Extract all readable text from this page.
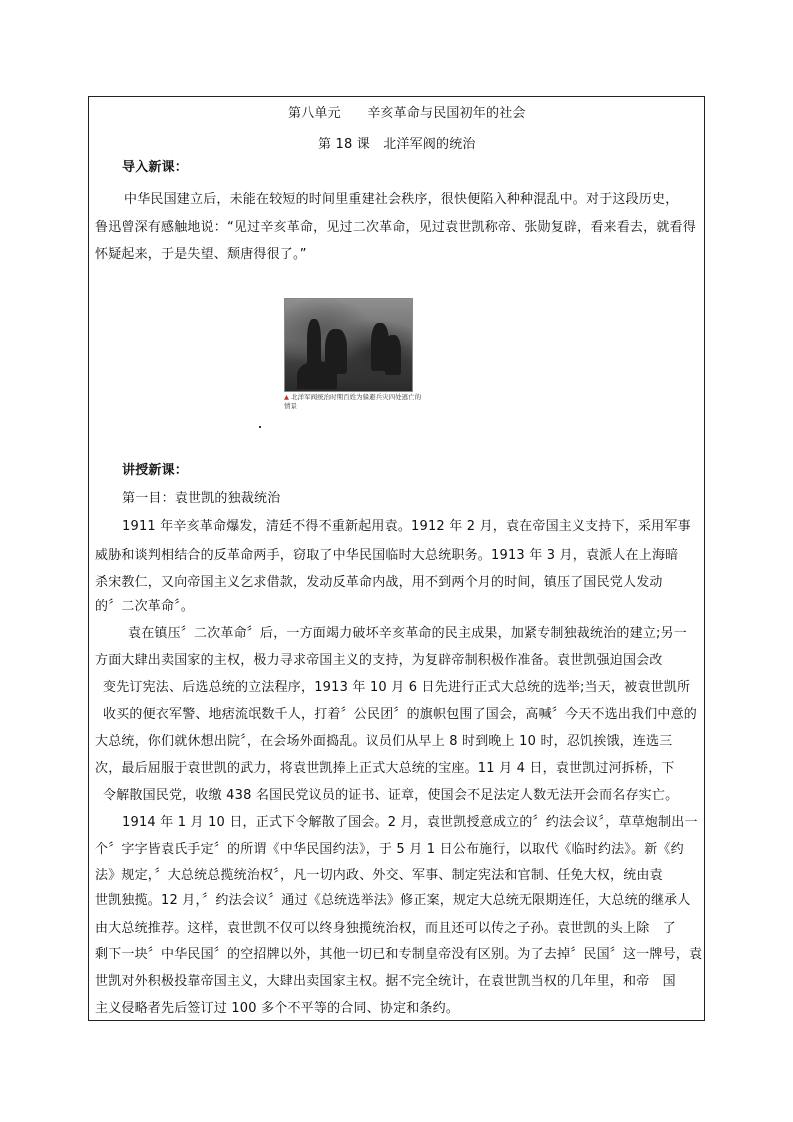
第八单元　　辛亥革命与民国初年的社会
第 18 课　北洋军阀的统治
导入新课：
中华民国建立后，未能在较短的时间里重建社会秩序，很快便陷入种种混乱中。对于这段历史，
鲁迅曾深有感触地说：“见过辛亥革命，见过二次革命，见过袁世凯称帝、张勋复辟，看来看去，就看得
怀疑起来，于是失望、颓唐得很了。”
▲ 北洋军阀统治时期百姓为躲避兵灾四处逃亡的情景
讲授新课：
第一目：袁世凯的独裁统治
1911 年辛亥革命爆发，清廷不得不重新起用袁。1912 年 2 月，袁在帝国主义支持下，采用军事
威胁和谈判相结合的反革命两手，窃取了中华民国临时大总统职务。1913 年 3 月，袁派人在上海暗
杀宋教仁，又向帝国主义乞求借款，发动反革命内战，用不到两个月的时间，镇压了国民党人发动
的〞二次革命〞。
袁在镇压〞二次革命〞后，一方面竭力破坏辛亥革命的民主成果，加紧专制独裁统治的建立;另一
方面大肆出卖国家的主权，极力寻求帝国主义的支持，为复辟帝制积极作准备。袁世凯强迫国会改
变先订宪法、后选总统的立法程序，1913 年 10 月 6 日先进行正式大总统的选举;当天，被袁世凯所
收买的便衣军警、地痞流氓数千人，打着〞公民团〞的旗帜包围了国会，高喊〞今天不选出我们中意的
大总统，你们就休想出院〞，在会场外面捣乱。议员们从早上 8 时到晚上 10 时，忍饥挨饿，连选三
次，最后屈服于袁世凯的武力，将袁世凯捧上正式大总统的宝座。11 月 4 日，袁世凯过河拆桥，下
令解散国民党，收缴 438 名国民党议员的证书、证章，使国会不足法定人数无法开会而名存实亡。
1914 年 1 月 10 日，正式下令解散了国会。2 月，袁世凯授意成立的〞约法会议〞，草草炮制出一
个〞字字皆袁氏手定〞的所谓《中华民国约法》，于 5 月 1 日公布施行，以取代《临时约法》。新《约
法》规定，〞大总统总揽统治权〞，凡一切内政、外交、军事、制定宪法和官制、任免大权，统由袁
世凯独揽。12 月，〞约法会议〞通过《总统选举法》修正案，规定大总统无限期连任，大总统的继承人
由大总统推荐。这样，袁世凯不仅可以终身独揽统治权，而且还可以传之子孙。袁世凯的头上除　了
剩下一块〞中华民国〞的空招牌以外，其他一切已和专制皇帝没有区别。为了去掉〞民国〞这一牌号，袁
世凯对外积极投靠帝国主义，大肆出卖国家主权。据不完全统计，在袁世凯当权的几年里，和帝　国
主义侵略者先后签订过 100 多个不平等的合同、协定和条约。
